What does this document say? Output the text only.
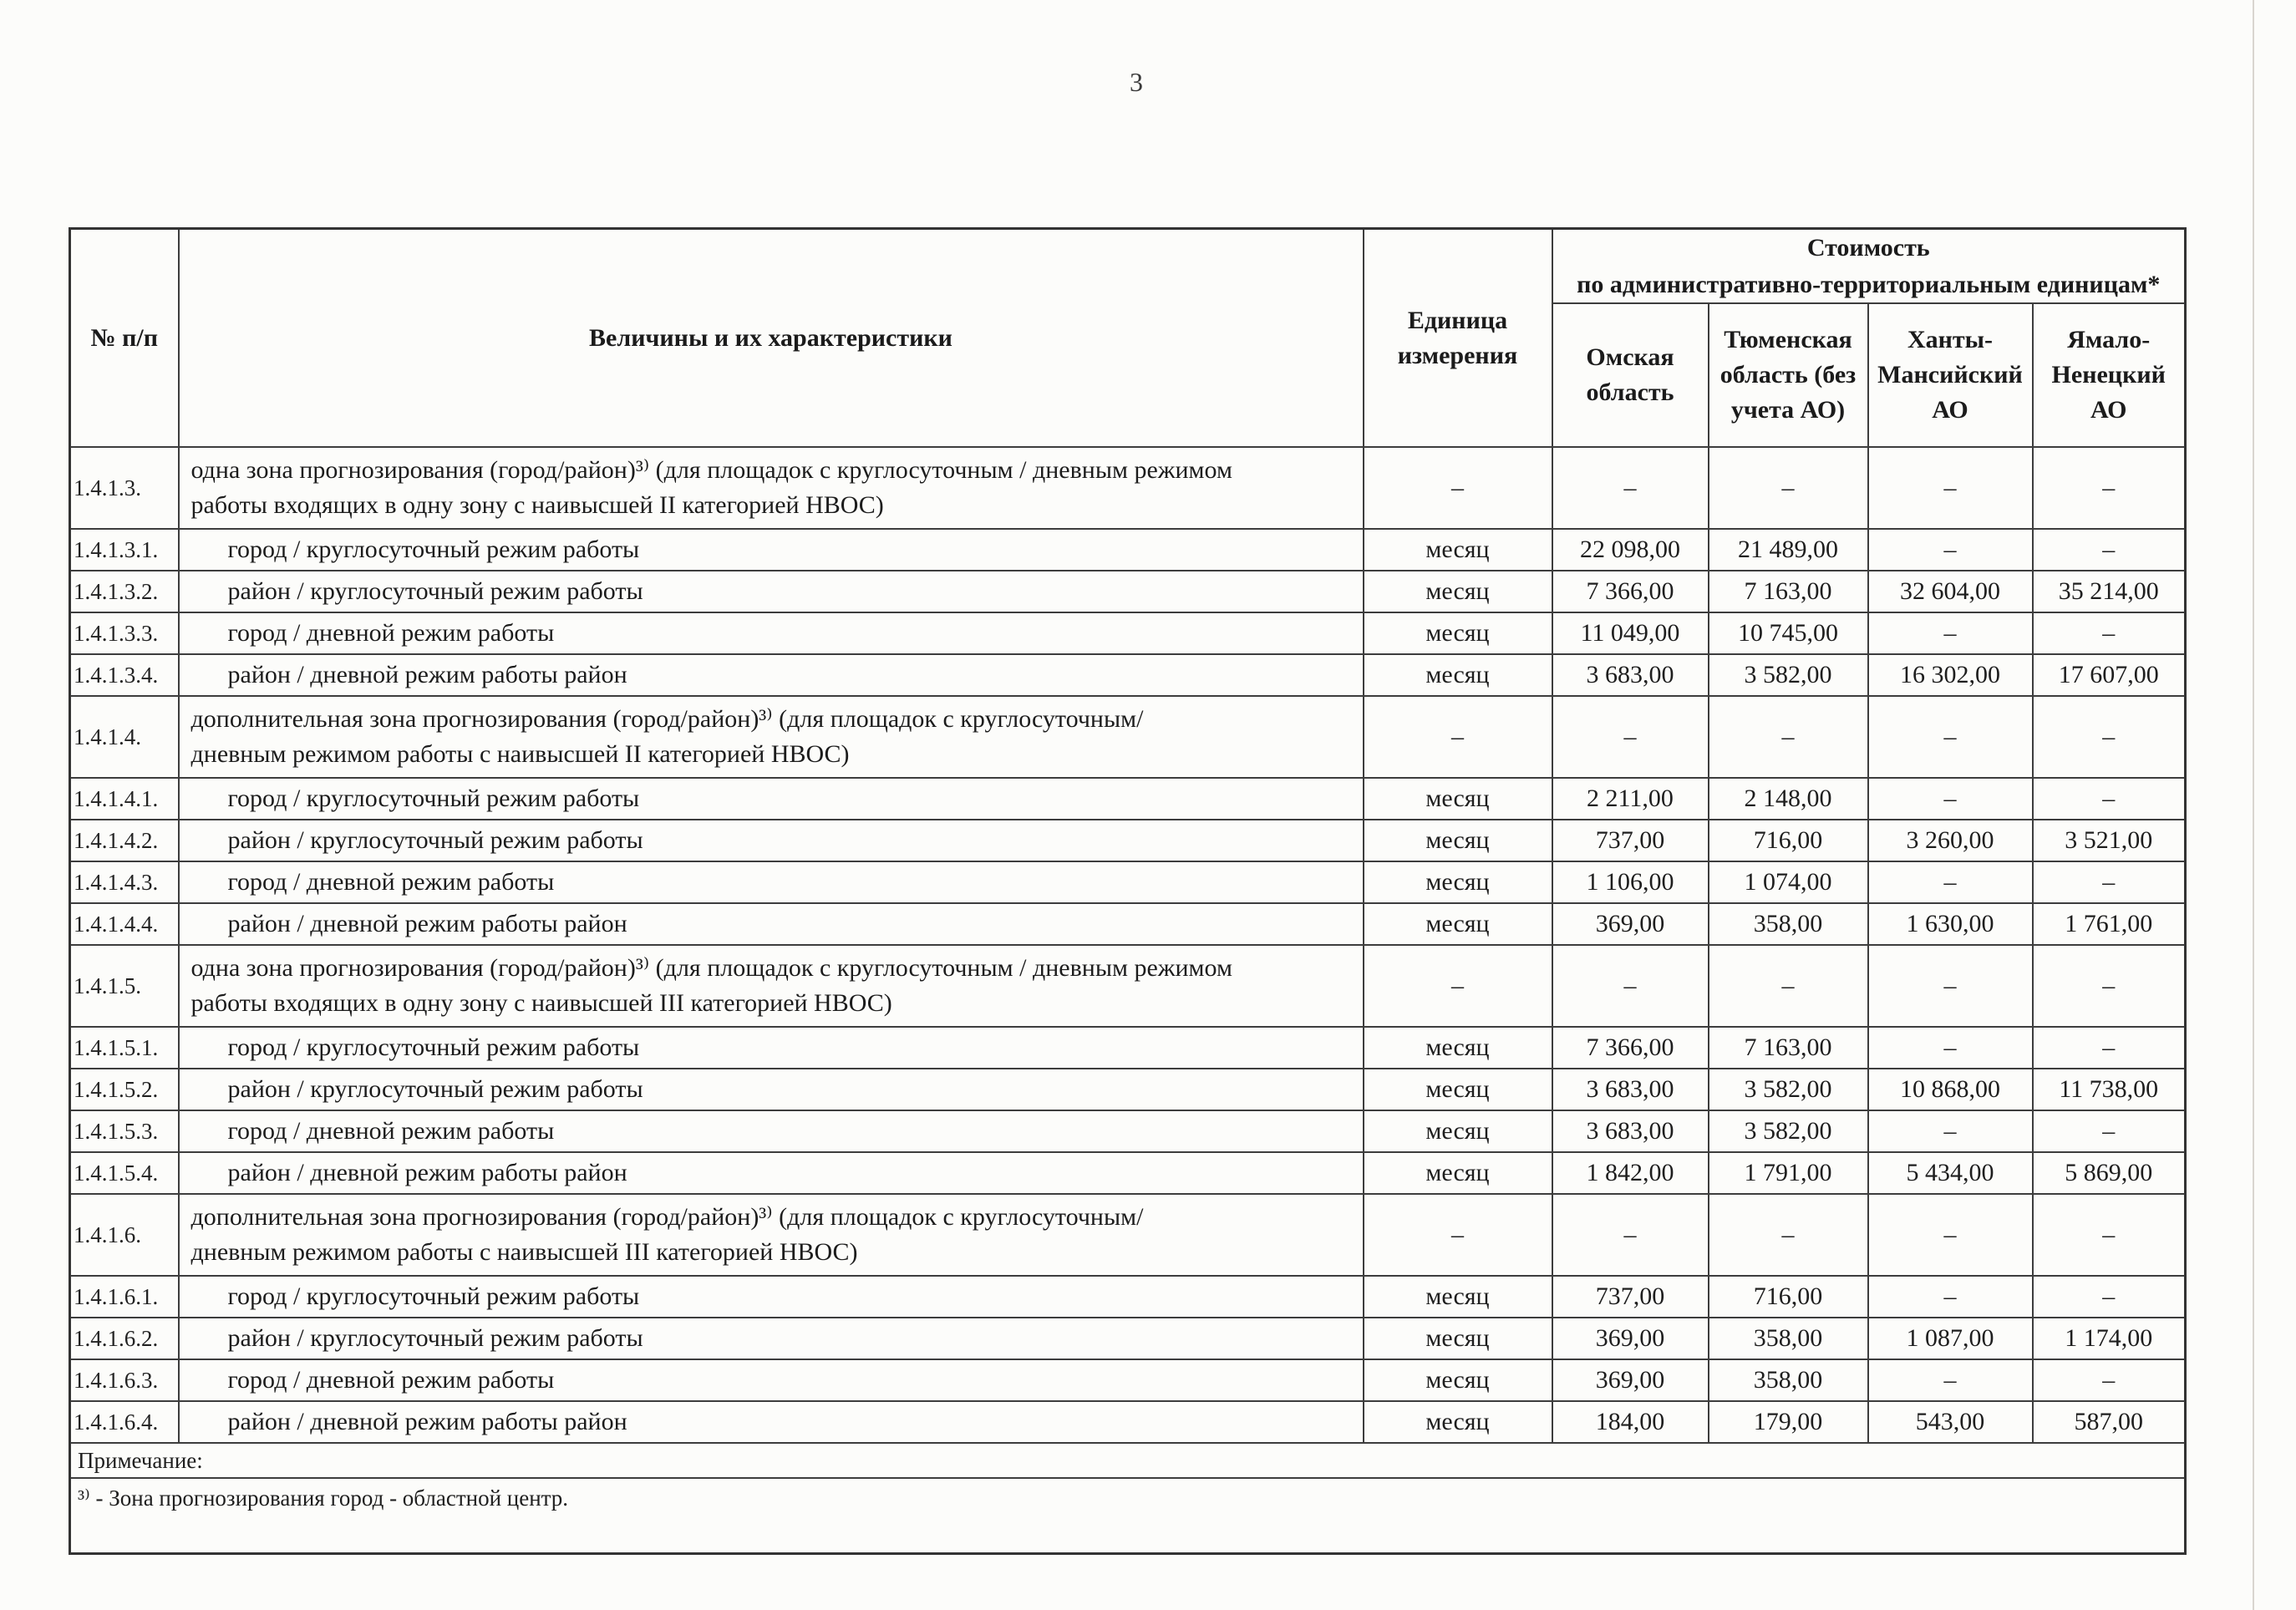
3
№ п/п	Величины и их характеристики	Единица измерения	Стоимость
по административно-территориальным единицам*			

			Омская область	Тюменская область (без учета АО)	Ханты-Мансийский АО	Ямало-Ненецкий АО
1.4.1.3.	одна зона прогнозирования (город/район)³⁾ (для площадок с круглосуточным / дневным режимом работы входящих в одну зону с наивысшей II категорией НВОС)	–	–	–	–	–
1.4.1.3.1.	город / круглосуточный режим работы	месяц	22 098,00	21 489,00	–	–
1.4.1.3.2.	район / круглосуточный режим работы	месяц	7 366,00	7 163,00	32 604,00	35 214,00
1.4.1.3.3.	город / дневной режим работы	месяц	11 049,00	10 745,00	–	–
1.4.1.3.4.	район / дневной режим работы район	месяц	3 683,00	3 582,00	16 302,00	17 607,00
1.4.1.4.	дополнительная зона прогнозирования (город/район)³⁾ (для площадок с круглосуточным/ дневным режимом работы с наивысшей II категорией НВОС)	–	–	–	–	–
1.4.1.4.1.	город / круглосуточный режим работы	месяц	2 211,00	2 148,00	–	–
1.4.1.4.2.	район / круглосуточный режим работы	месяц	737,00	716,00	3 260,00	3 521,00
1.4.1.4.3.	город / дневной режим работы	месяц	1 106,00	1 074,00	–	–
1.4.1.4.4.	район / дневной режим работы район	месяц	369,00	358,00	1 630,00	1 761,00
1.4.1.5.	одна зона прогнозирования (город/район)³⁾ (для площадок с круглосуточным / дневным режимом работы входящих в одну зону с наивысшей III категорией НВОС)	–	–	–	–	–
1.4.1.5.1.	город / круглосуточный режим работы	месяц	7 366,00	7 163,00	–	–
1.4.1.5.2.	район / круглосуточный режим работы	месяц	3 683,00	3 582,00	10 868,00	11 738,00
1.4.1.5.3.	город / дневной режим работы	месяц	3 683,00	3 582,00	–	–
1.4.1.5.4.	район / дневной режим работы район	месяц	1 842,00	1 791,00	5 434,00	5 869,00
1.4.1.6.	дополнительная зона прогнозирования (город/район)³⁾ (для площадок с круглосуточным/ дневным режимом работы с наивысшей III категорией НВОС)	–	–	–	–	–
1.4.1.6.1.	город / круглосуточный режим работы	месяц	737,00	716,00	–	–
1.4.1.6.2.	район / круглосуточный режим работы	месяц	369,00	358,00	1 087,00	1 174,00
1.4.1.6.3.	город / дневной режим работы	месяц	369,00	358,00	–	–
1.4.1.6.4.	район / дневной режим работы район	месяц	184,00	179,00	543,00	587,00
Примечание:						
³⁾ - Зона прогнозирования город - областной центр.						
